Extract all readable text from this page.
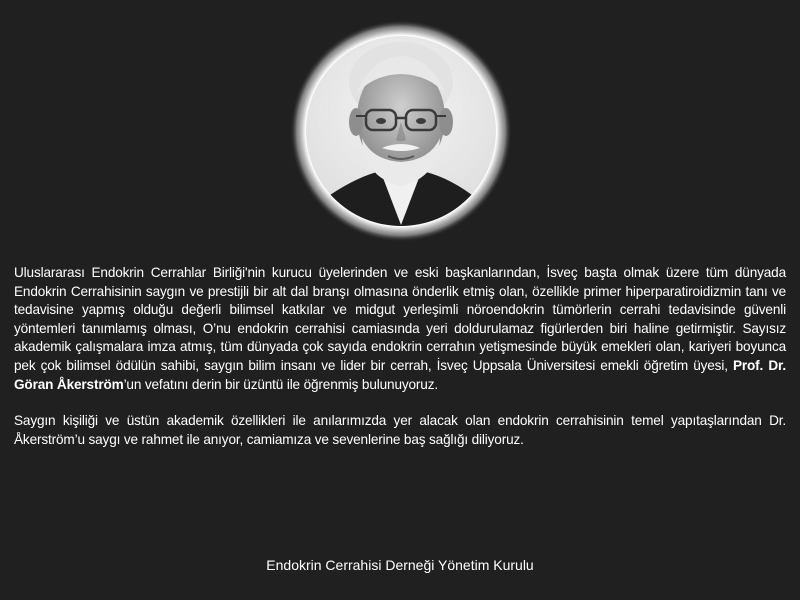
Uluslararası Endokrin Cerrahlar Birliği'nin kurucu üyelerinden ve eski başkanlarından, İsveç başta olmak üzere tüm dünyada Endokrin Cerrahisinin saygın ve prestijli bir alt dal branşı olmasına önderlik etmiş olan, özellikle primer hiperparatiroidizmin tanı ve tedavisine yapmış olduğu değerli bilimsel katkılar ve midgut yerleşimli nöroendokrin tümörlerin cerrahi tedavisinde güvenli yöntemleri tanımlamış olması, O’nu endokrin cerrahisi camiasında yeri doldurulamaz figürlerden biri haline getirmiştir. Sayısız akademik çalışmalara imza atmış, tüm dünyada çok sayıda endokrin cerrahın yetişmesinde büyük emekleri olan, kariyeri boyunca pek çok bilimsel ödülün sahibi, saygın bilim insanı ve lider bir cerrah, İsveç Uppsala Üniversitesi emekli öğretim üyesi, Prof. Dr. Göran Åkerström’un vefatını derin bir üzüntü ile öğrenmiş bulunuyoruz.

Saygın kişiliği ve üstün akademik özellikleri ile anılarımızda yer alacak olan endokrin cerrahisinin temel yapıtaşlarından Dr. Åkerström’u saygı ve rahmet ile anıyor, camiamıza ve sevenlerine baş sağlığı diliyoruz.

Endokrin Cerrahisi Derneği Yönetim Kurulu
